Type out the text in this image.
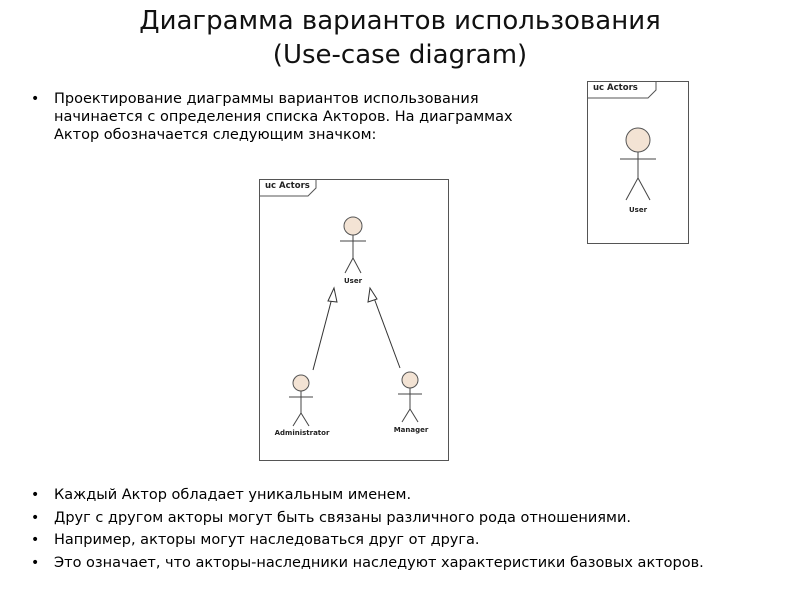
Диаграмма вариантов использования
(Use-case diagram)
• Проектирование диаграммы вариантов использования начинается с определения списка Акторов. На диаграммах Актор обозначается следующим значком:
uc Actors
User
uc Actors
User
Administrator	Manager
• Каждый Актор обладает уникальным именем.
• Друг с другом акторы могут быть связаны различного рода отношениями.
• Например, акторы могут наследоваться друг от друга.
• Это означает, что акторы-наследники наследуют характеристики базовых акторов.
